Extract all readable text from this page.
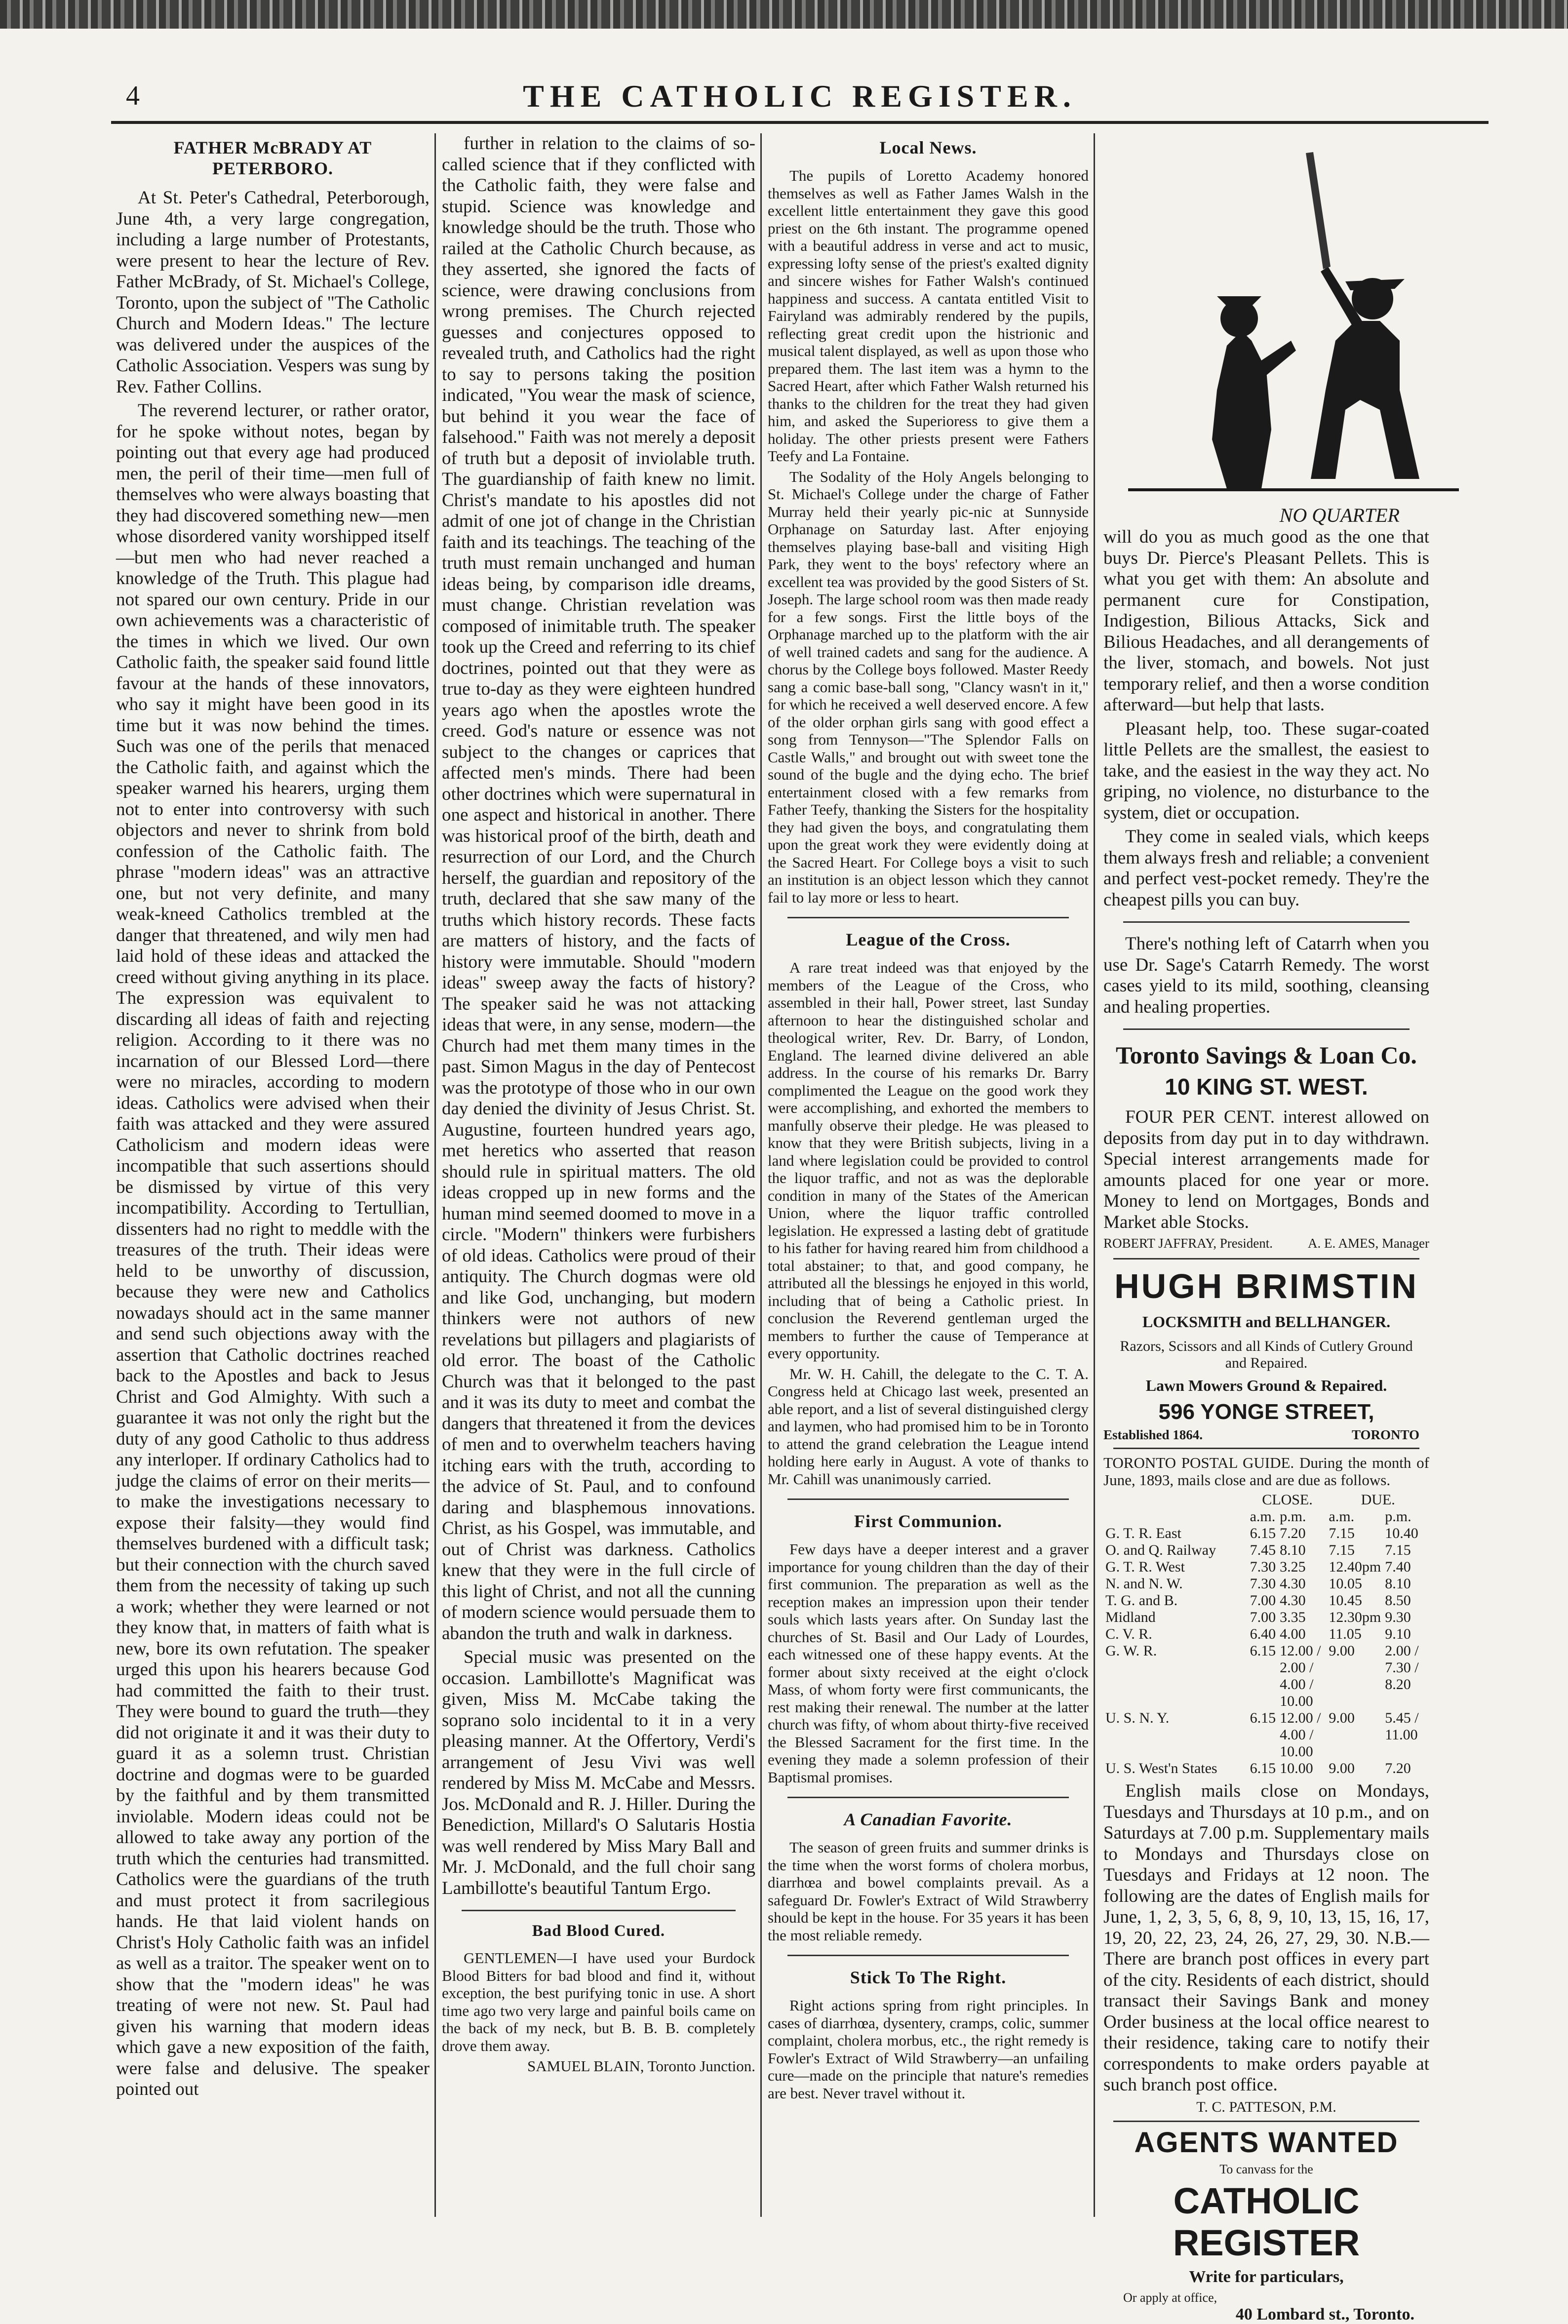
4	THE CATHOLIC REGISTER.
FATHER McBRADY AT PETERBORO.

At St. Peter's Cathedral, Peterborough, June 4th, a very large congregation, including a large number of Protestants, were present to hear the lecture of Rev. Father McBrady, of St. Michael's College, Toronto, upon the subject of "The Catholic Church and Modern Ideas." The lecture was delivered under the auspices of the Catholic Association. Vespers was sung by Rev. Father Collins.

The reverend lecturer, or rather orator, for he spoke without notes, began by pointing out that every age had produced men, the peril of their time—men full of themselves who were always boasting that they had discovered something new—men whose disordered vanity worshipped itself—but men who had never reached a knowledge of the Truth. This plague had not spared our own century. Pride in our own achievements was a characteristic of the times in which we lived. Our own Catholic faith, the speaker said found little favour at the hands of these innovators, who say it might have been good in its time but it was now behind the times. Such was one of the perils that menaced the Catholic faith, and against which the speaker warned his hearers, urging them not to enter into controversy with such objectors and never to shrink from bold confession of the Catholic faith. The phrase "modern ideas" was an attractive one, but not very definite, and many weak-kneed Catholics trembled at the danger that threatened, and wily men had laid hold of these ideas and attacked the creed without giving anything in its place. The expression was equivalent to discarding all ideas of faith and rejecting religion. According to it there was no incarnation of our Blessed Lord—there were no miracles, according to modern ideas. Catholics were advised when their faith was attacked and they were assured Catholicism and modern ideas were incompatible that such assertions should be dismissed by virtue of this very incompatibility. According to Tertullian, dissenters had no right to meddle with the treasures of the truth. Their ideas were held to be unworthy of discussion, because they were new and Catholics nowadays should act in the same manner and send such objections away with the assertion that Catholic doctrines reached back to the Apostles and back to Jesus Christ and God Almighty. With such a guarantee it was not only the right but the duty of any good Catholic to thus address any interloper. If ordinary Catholics had to judge the claims of error on their merits—to make the investigations necessary to expose their falsity—they would find themselves burdened with a difficult task; but their connection with the church saved them from the necessity of taking up such a work; whether they were learned or not they know that, in matters of faith what is new, bore its own refutation. The speaker urged this upon his hearers because God had committed the faith to their trust. They were bound to guard the truth—they did not originate it and it was their duty to guard it as a solemn trust. Christian doctrine and dogmas were to be guarded by the faithful and by them transmitted inviolable. Modern ideas could not be allowed to take away any portion of the truth which the centuries had transmitted. Catholics were the guardians of the truth and must protect it from sacrilegious hands. He that laid violent hands on Christ's Holy Catholic faith was an infidel as well as a traitor. The speaker went on to show that the "modern ideas" he was treating of were not new. St. Paul had given his warning that modern ideas which gave a new exposition of the faith, were false and delusive. The speaker pointed out

further in relation to the claims of so-called science that if they conflicted with the Catholic faith, they were false and stupid. Science was knowledge and knowledge should be the truth. Those who railed at the Catholic Church because, as they asserted, she ignored the facts of science, were drawing conclusions from wrong premises. The Church rejected guesses and conjectures opposed to revealed truth, and Catholics had the right to say to persons taking the position indicated, "You wear the mask of science, but behind it you wear the face of falsehood." Faith was not merely a deposit of truth but a deposit of inviolable truth. The guardianship of faith knew no limit. Christ's mandate to his apostles did not admit of one jot of change in the Christian faith and its teachings. The teaching of the truth must remain unchanged and human ideas being, by comparison idle dreams, must change. Christian revelation was composed of inimitable truth. The speaker took up the Creed and referring to its chief doctrines, pointed out that they were as true to-day as they were eighteen hundred years ago when the apostles wrote the creed. God's nature or essence was not subject to the changes or caprices that affected men's minds. There had been other doctrines which were supernatural in one aspect and historical in another. There was historical proof of the birth, death and resurrection of our Lord, and the Church herself, the guardian and repository of the truth, declared that she saw many of the truths which history records. These facts are matters of history, and the facts of history were immutable. Should "modern ideas" sweep away the facts of history? The speaker said he was not attacking ideas that were, in any sense, modern—the Church had met them many times in the past. Simon Magus in the day of Pentecost was the prototype of those who in our own day denied the divinity of Jesus Christ. St. Augustine, fourteen hundred years ago, met heretics who asserted that reason should rule in spiritual matters. The old ideas cropped up in new forms and the human mind seemed doomed to move in a circle. "Modern" thinkers were furbishers of old ideas. Catholics were proud of their antiquity. The Church dogmas were old and like God, unchanging, but modern thinkers were not authors of new revelations but pillagers and plagiarists of old error. The boast of the Catholic Church was that it belonged to the past and it was its duty to meet and combat the dangers that threatened it from the devices of men and to overwhelm teachers having itching ears with the truth, according to the advice of St. Paul, and to confound daring and blasphemous innovations. Christ, as his Gospel, was immutable, and out of Christ was darkness. Catholics knew that they were in the full circle of this light of Christ, and not all the cunning of modern science would persuade them to abandon the truth and walk in darkness.

Special music was presented on the occasion. Lambillotte's Magnificat was given, Miss M. McCabe taking the soprano solo incidental to it in a very pleasing manner. At the Offertory, Verdi's arrangement of Jesu Vivi was well rendered by Miss M. McCabe and Messrs. Jos. McDonald and R. J. Hiller. During the Benediction, Millard's O Salutaris Hostia was well rendered by Miss Mary Ball and Mr. J. McDonald, and the full choir sang Lambillotte's beautiful Tantum Ergo.

Bad Blood Cured.

GENTLEMEN—I have used your Burdock Blood Bitters for bad blood and find it, without exception, the best purifying tonic in use. A short time ago two very large and painful boils came on the back of my neck, but B. B. B. completely drove them away.

SAMUEL BLAIN, Toronto Junction.
Local News.

The pupils of Loretto Academy honored themselves as well as Father James Walsh in the excellent little entertainment they gave this good priest on the 6th instant. The programme opened with a beautiful address in verse and act to music, expressing lofty sense of the priest's exalted dignity and sincere wishes for Father Walsh's continued happiness and success. A cantata entitled Visit to Fairyland was admirably rendered by the pupils, reflecting great credit upon the histrionic and musical talent displayed, as well as upon those who prepared them. The last item was a hymn to the Sacred Heart, after which Father Walsh returned his thanks to the children for the treat they had given him, and asked the Superioress to give them a holiday. The other priests present were Fathers Teefy and La Fontaine.

The Sodality of the Holy Angels belonging to St. Michael's College under the charge of Father Murray held their yearly pic-nic at Sunnyside Orphanage on Saturday last. After enjoying themselves playing base-ball and visiting High Park, they went to the boys' refectory where an excellent tea was provided by the good Sisters of St. Joseph. The large school room was then made ready for a few songs. First the little boys of the Orphanage marched up to the platform with the air of well trained cadets and sang for the audience. A chorus by the College boys followed. Master Reedy sang a comic base-ball song, "Clancy wasn't in it," for which he received a well deserved encore. A few of the older orphan girls sang with good effect a song from Tennyson—"The Splendor Falls on Castle Walls," and brought out with sweet tone the sound of the bugle and the dying echo. The brief entertainment closed with a few remarks from Father Teefy, thanking the Sisters for the hospitality they had given the boys, and congratulating them upon the great work they were evidently doing at the Sacred Heart. For College boys a visit to such an institution is an object lesson which they cannot fail to lay more or less to heart.

League of the Cross.

A rare treat indeed was that enjoyed by the members of the League of the Cross, who assembled in their hall, Power street, last Sunday afternoon to hear the distinguished scholar and theological writer, Rev. Dr. Barry, of London, England. The learned divine delivered an able address. In the course of his remarks Dr. Barry complimented the League on the good work they were accomplishing, and exhorted the members to manfully observe their pledge. He was pleased to know that they were British subjects, living in a land where legislation could be provided to control the liquor traffic, and not as was the deplorable condition in many of the States of the American Union, where the liquor traffic controlled legislation. He expressed a lasting debt of gratitude to his father for having reared him from childhood a total abstainer; to that, and good company, he attributed all the blessings he enjoyed in this world, including that of being a Catholic priest. In conclusion the Reverend gentleman urged the members to further the cause of Temperance at every opportunity.

Mr. W. H. Cahill, the delegate to the C. T. A. Congress held at Chicago last week, presented an able report, and a list of several distinguished clergy and laymen, who had promised him to be in Toronto to attend the grand celebration the League intend holding here early in August. A vote of thanks to Mr. Cahill was unanimously carried.

First Communion.

Few days have a deeper interest and a graver importance for young children than the day of their first communion. The preparation as well as the reception makes an impression upon their tender souls which lasts years after. On Sunday last the churches of St. Basil and Our Lady of Lourdes, each witnessed one of these happy events. At the former about sixty received at the eight o'clock Mass, of whom forty were first communicants, the rest making their renewal. The number at the latter church was fifty, of whom about thirty-five received the Blessed Sacrament for the first time. In the evening they made a solemn profession of their Baptismal promises.

A Canadian Favorite.

The season of green fruits and summer drinks is the time when the worst forms of cholera morbus, diarrhœa and bowel complaints prevail. As a safeguard Dr. Fowler's Extract of Wild Strawberry should be kept in the house. For 35 years it has been the most reliable remedy.

Stick To The Right.

Right actions spring from right principles. In cases of diarrhœa, dysentery, cramps, colic, summer complaint, cholera morbus, etc., the right remedy is Fowler's Extract of Wild Strawberry—an unfailing cure—made on the principle that nature's remedies are best. Never travel without it.

NO QUARTER

will do you as much good as the one that buys Dr. Pierce's Pleasant Pellets. This is what you get with them: An absolute and permanent cure for Constipation, Indigestion, Bilious Attacks, Sick and Bilious Headaches, and all derangements of the liver, stomach, and bowels. Not just temporary relief, and then a worse condition afterward—but help that lasts.

Pleasant help, too. These sugar-coated little Pellets are the smallest, the easiest to take, and the easiest in the way they act. No griping, no violence, no disturbance to the system, diet or occupation.

They come in sealed vials, which keeps them always fresh and reliable; a convenient and perfect vest-pocket remedy. They're the cheapest pills you can buy.

There's nothing left of Catarrh when you use Dr. Sage's Catarrh Remedy. The worst cases yield to its mild, soothing, cleansing and healing properties.

Toronto Savings & Loan Co.
10 KING ST. WEST.

FOUR PER CENT. interest allowed on deposits from day put in to day withdrawn. Special interest arrangements made for amounts placed for one year or more. Money to lend on Mortgages, Bonds and Market able Stocks.

ROBERT JAFFRAY, President.	A. E. AMES, Manager
HUGH BRIMSTIN
LOCKSMITH and BELLHANGER.
Razors, Scissors and all Kinds of Cutlery Ground and Repaired.
Lawn Mowers Ground & Repaired.
596 YONGE STREET,
Established 1864.	TORONTO

TORONTO POSTAL GUIDE. During the month of June, 1893, mails close and are due as follows.

	CLOSE.		DUE.	
	a.m.	p.m.	a.m.	p.m.
G. T. R. East	6.15	7.20	7.15	10.40
O. and Q. Railway	7.45	8.10	7.15	7.15
G. T. R. West	7.30	3.25	12.40pm	7.40
N. and N. W.	7.30	4.30	10.05	8.10
T. G. and B.	7.00	4.30	10.45	8.50
Midland	7.00	3.35	12.30pm	9.30
C. V. R.	6.40	4.00	11.05	9.10
G. W. R.	6.15	12.00 / 2.00 / 4.00 / 10.00	9.00	2.00 / 7.30 / 8.20
U. S. N. Y.	6.15	12.00 / 4.00 / 10.00	9.00	5.45 / 11.00
U. S. West'n States	6.15	10.00	9.00	7.20

English mails close on Mondays, Tuesdays and Thursdays at 10 p.m., and on Saturdays at 7.00 p.m. Supplementary mails to Mondays and Thursdays close on Tuesdays and Fridays at 12 noon. The following are the dates of English mails for June, 1, 2, 3, 5, 6, 8, 9, 10, 13, 15, 16, 17, 19, 20, 22, 23, 24, 26, 27, 29, 30. N.B.—There are branch post offices in every part of the city. Residents of each district, should transact their Savings Bank and money Order business at the local office nearest to their residence, taking care to notify their correspondents to make orders payable at such branch post office.

T. C. PATTESON, P.M.
AGENTS WANTED
To canvass for the
CATHOLIC REGISTER
Write for particulars,
Or apply at office,
40 Lombard st., Toronto.
